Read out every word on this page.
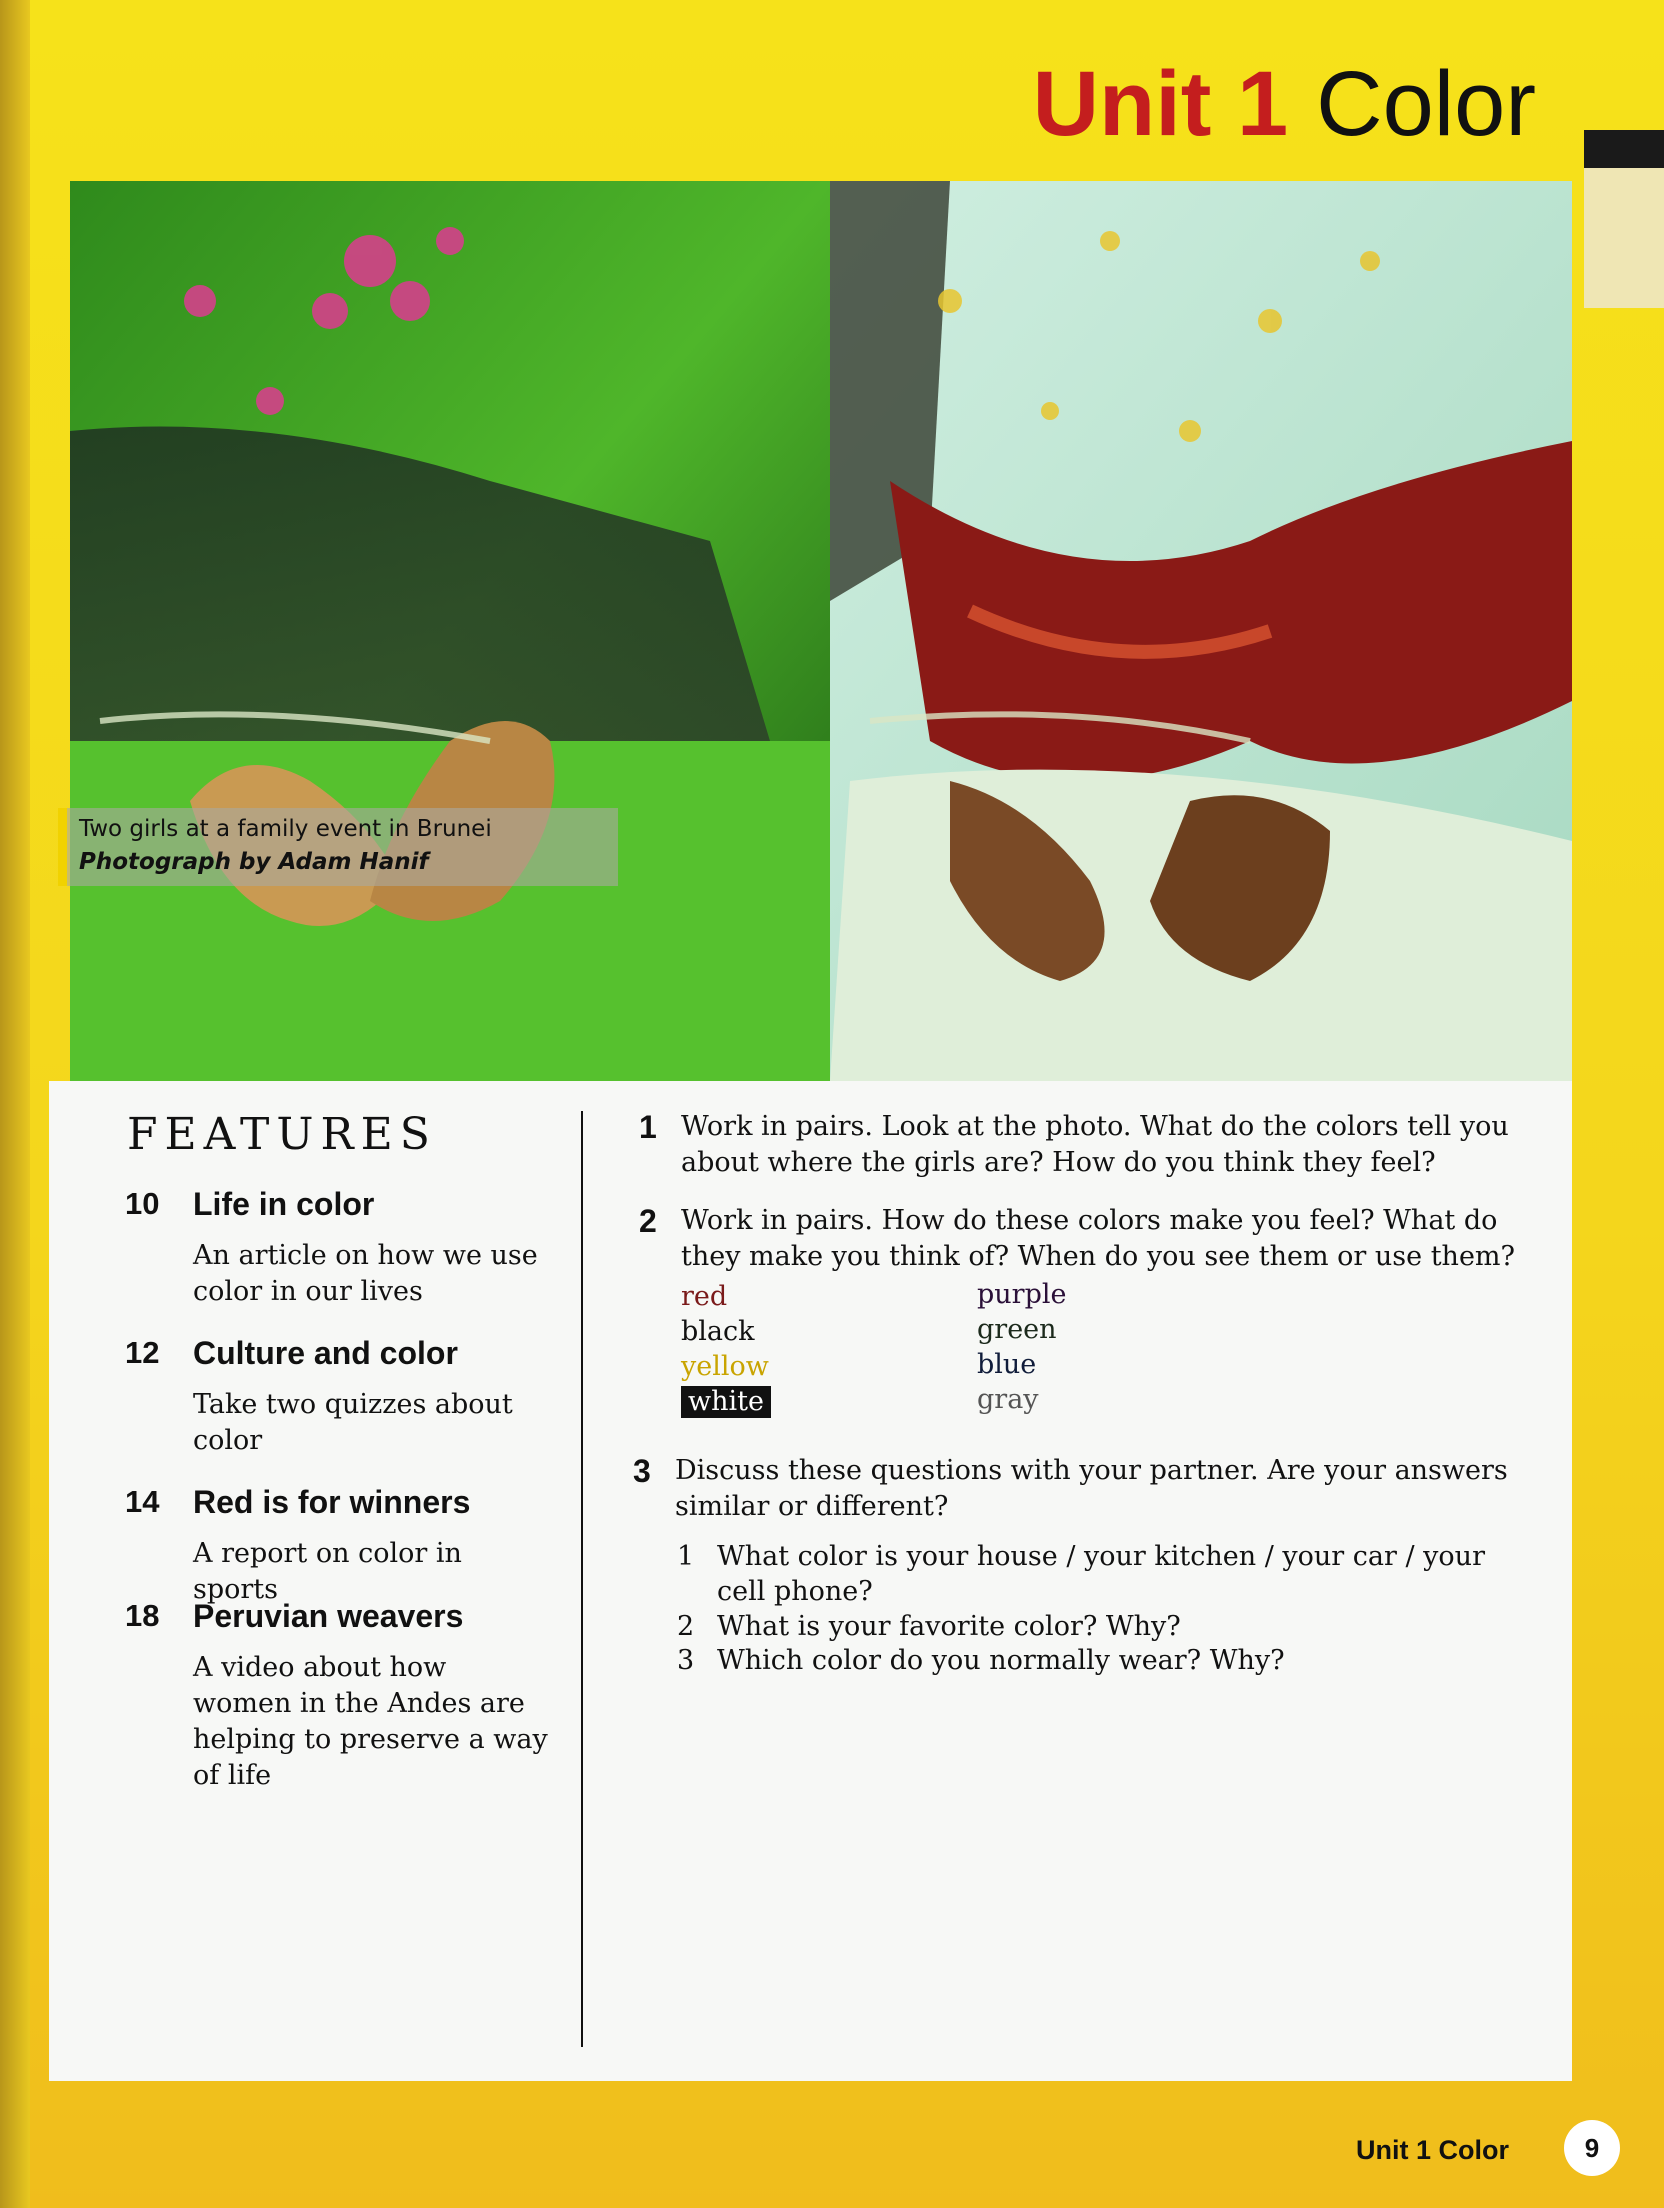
Unit 1 Color
Two girls at a family event in Brunei
Photograph by Adam Hanif
FEATURES
10 Life in color
An article on how we use color in our lives
12 Culture and color
Take two quizzes about color
14 Red is for winners
A report on color in sports
18 Peruvian weavers
A video about how women in the Andes are helping to preserve a way of life
1 Work in pairs. Look at the photo. What do the colors tell you about where the girls are? How do you think they feel?
2 Work in pairs. How do these colors make you feel? What do they make you think of? When do you see them or use them?
red
black
yellow
white
purple
green
blue
gray
3 Discuss these questions with your partner. Are your answers similar or different?
1 What color is your house / your kitchen / your car / your cell phone?
2 What is your favorite color? Why?
3 Which color do you normally wear? Why?
Unit 1 Color	9
